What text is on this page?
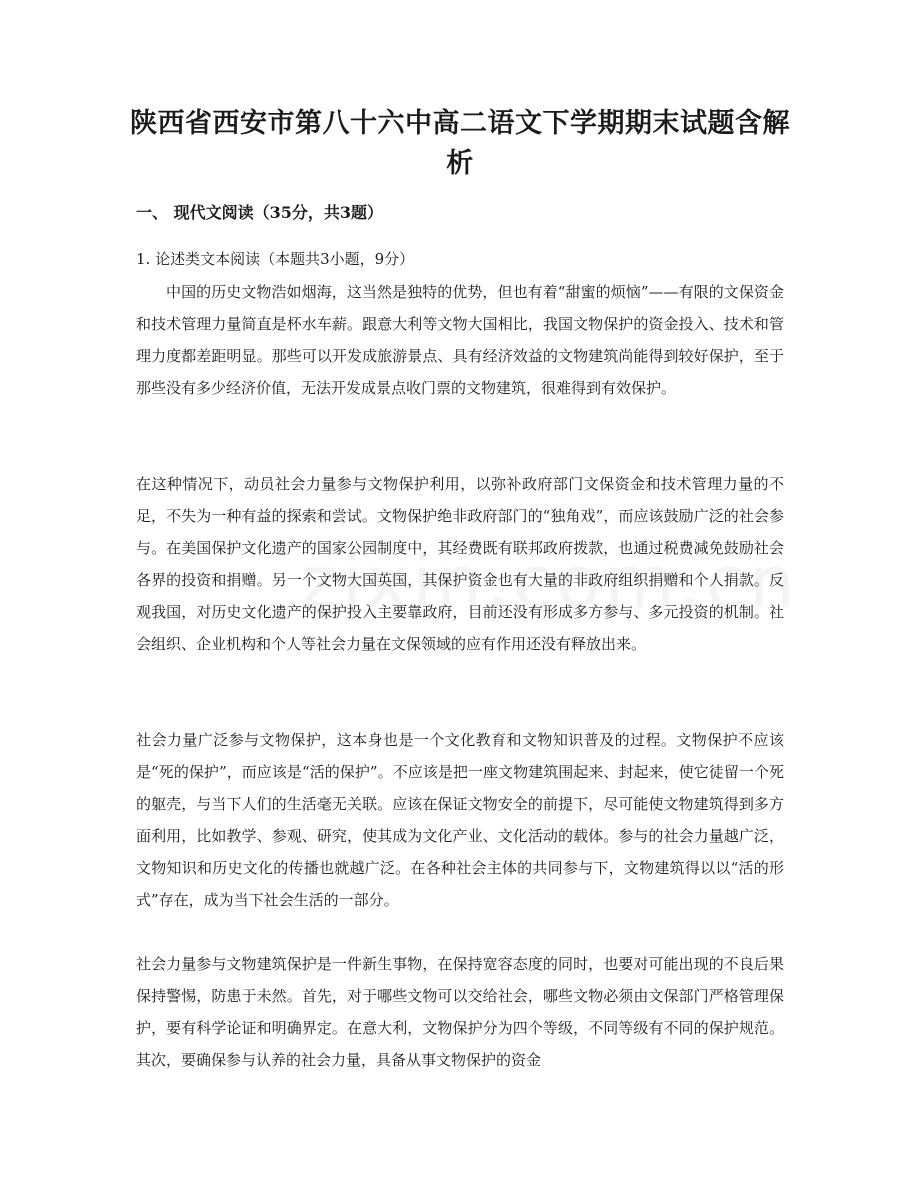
陕西省西安市第八十六中高二语文下学期期末试题含解析
一、 现代文阅读（35分，共3题）
1. 论述类文本阅读（本题共3小题，9分）

中国的历史文物浩如烟海，这当然是独特的优势，但也有着“甜蜜的烦恼”——有限的文保资金和技术管理力量简直是杯水车薪。跟意大利等文物大国相比，我国文物保护的资金投入、技术和管理力度都差距明显。那些可以开发成旅游景点、具有经济效益的文物建筑尚能得到较好保护，至于那些没有多少经济价值，无法开发成景点收门票的文物建筑，很难得到有效保护。

在这种情况下，动员社会力量参与文物保护利用，以弥补政府部门文保资金和技术管理力量的不足，不失为一种有益的探索和尝试。文物保护绝非政府部门的“独角戏”，而应该鼓励广泛的社会参与。在美国保护文化遗产的国家公园制度中，其经费既有联邦政府拨款，也通过税费减免鼓励社会各界的投资和捐赠。另一个文物大国英国，其保护资金也有大量的非政府组织捐赠和个人捐款。反观我国，对历史文化遗产的保护投入主要靠政府，目前还没有形成多方参与、多元投资的机制。社会组织、企业机构和个人等社会力量在文保领域的应有作用还没有释放出来。

社会力量广泛参与文物保护，这本身也是一个文化教育和文物知识普及的过程。文物保护不应该是“死的保护”，而应该是“活的保护”。不应该是把一座文物建筑围起来、封起来，使它徒留一个死的躯壳，与当下人们的生活毫无关联。应该在保证文物安全的前提下，尽可能使文物建筑得到多方面利用，比如教学、参观、研究，使其成为文化产业、文化活动的载体。参与的社会力量越广泛，文物知识和历史文化的传播也就越广泛。在各种社会主体的共同参与下，文物建筑得以以“活的形式”存在，成为当下社会生活的一部分。

社会力量参与文物建筑保护是一件新生事物，在保持宽容态度的同时，也要对可能出现的不良后果保持警惕，防患于未然。首先，对于哪些文物可以交给社会，哪些文物必须由文保部门严格管理保护，要有科学论证和明确界定。在意大利，文物保护分为四个等级，不同等级有不同的保护规范。其次，要确保参与认养的社会力量，具备从事文物保护的资金
